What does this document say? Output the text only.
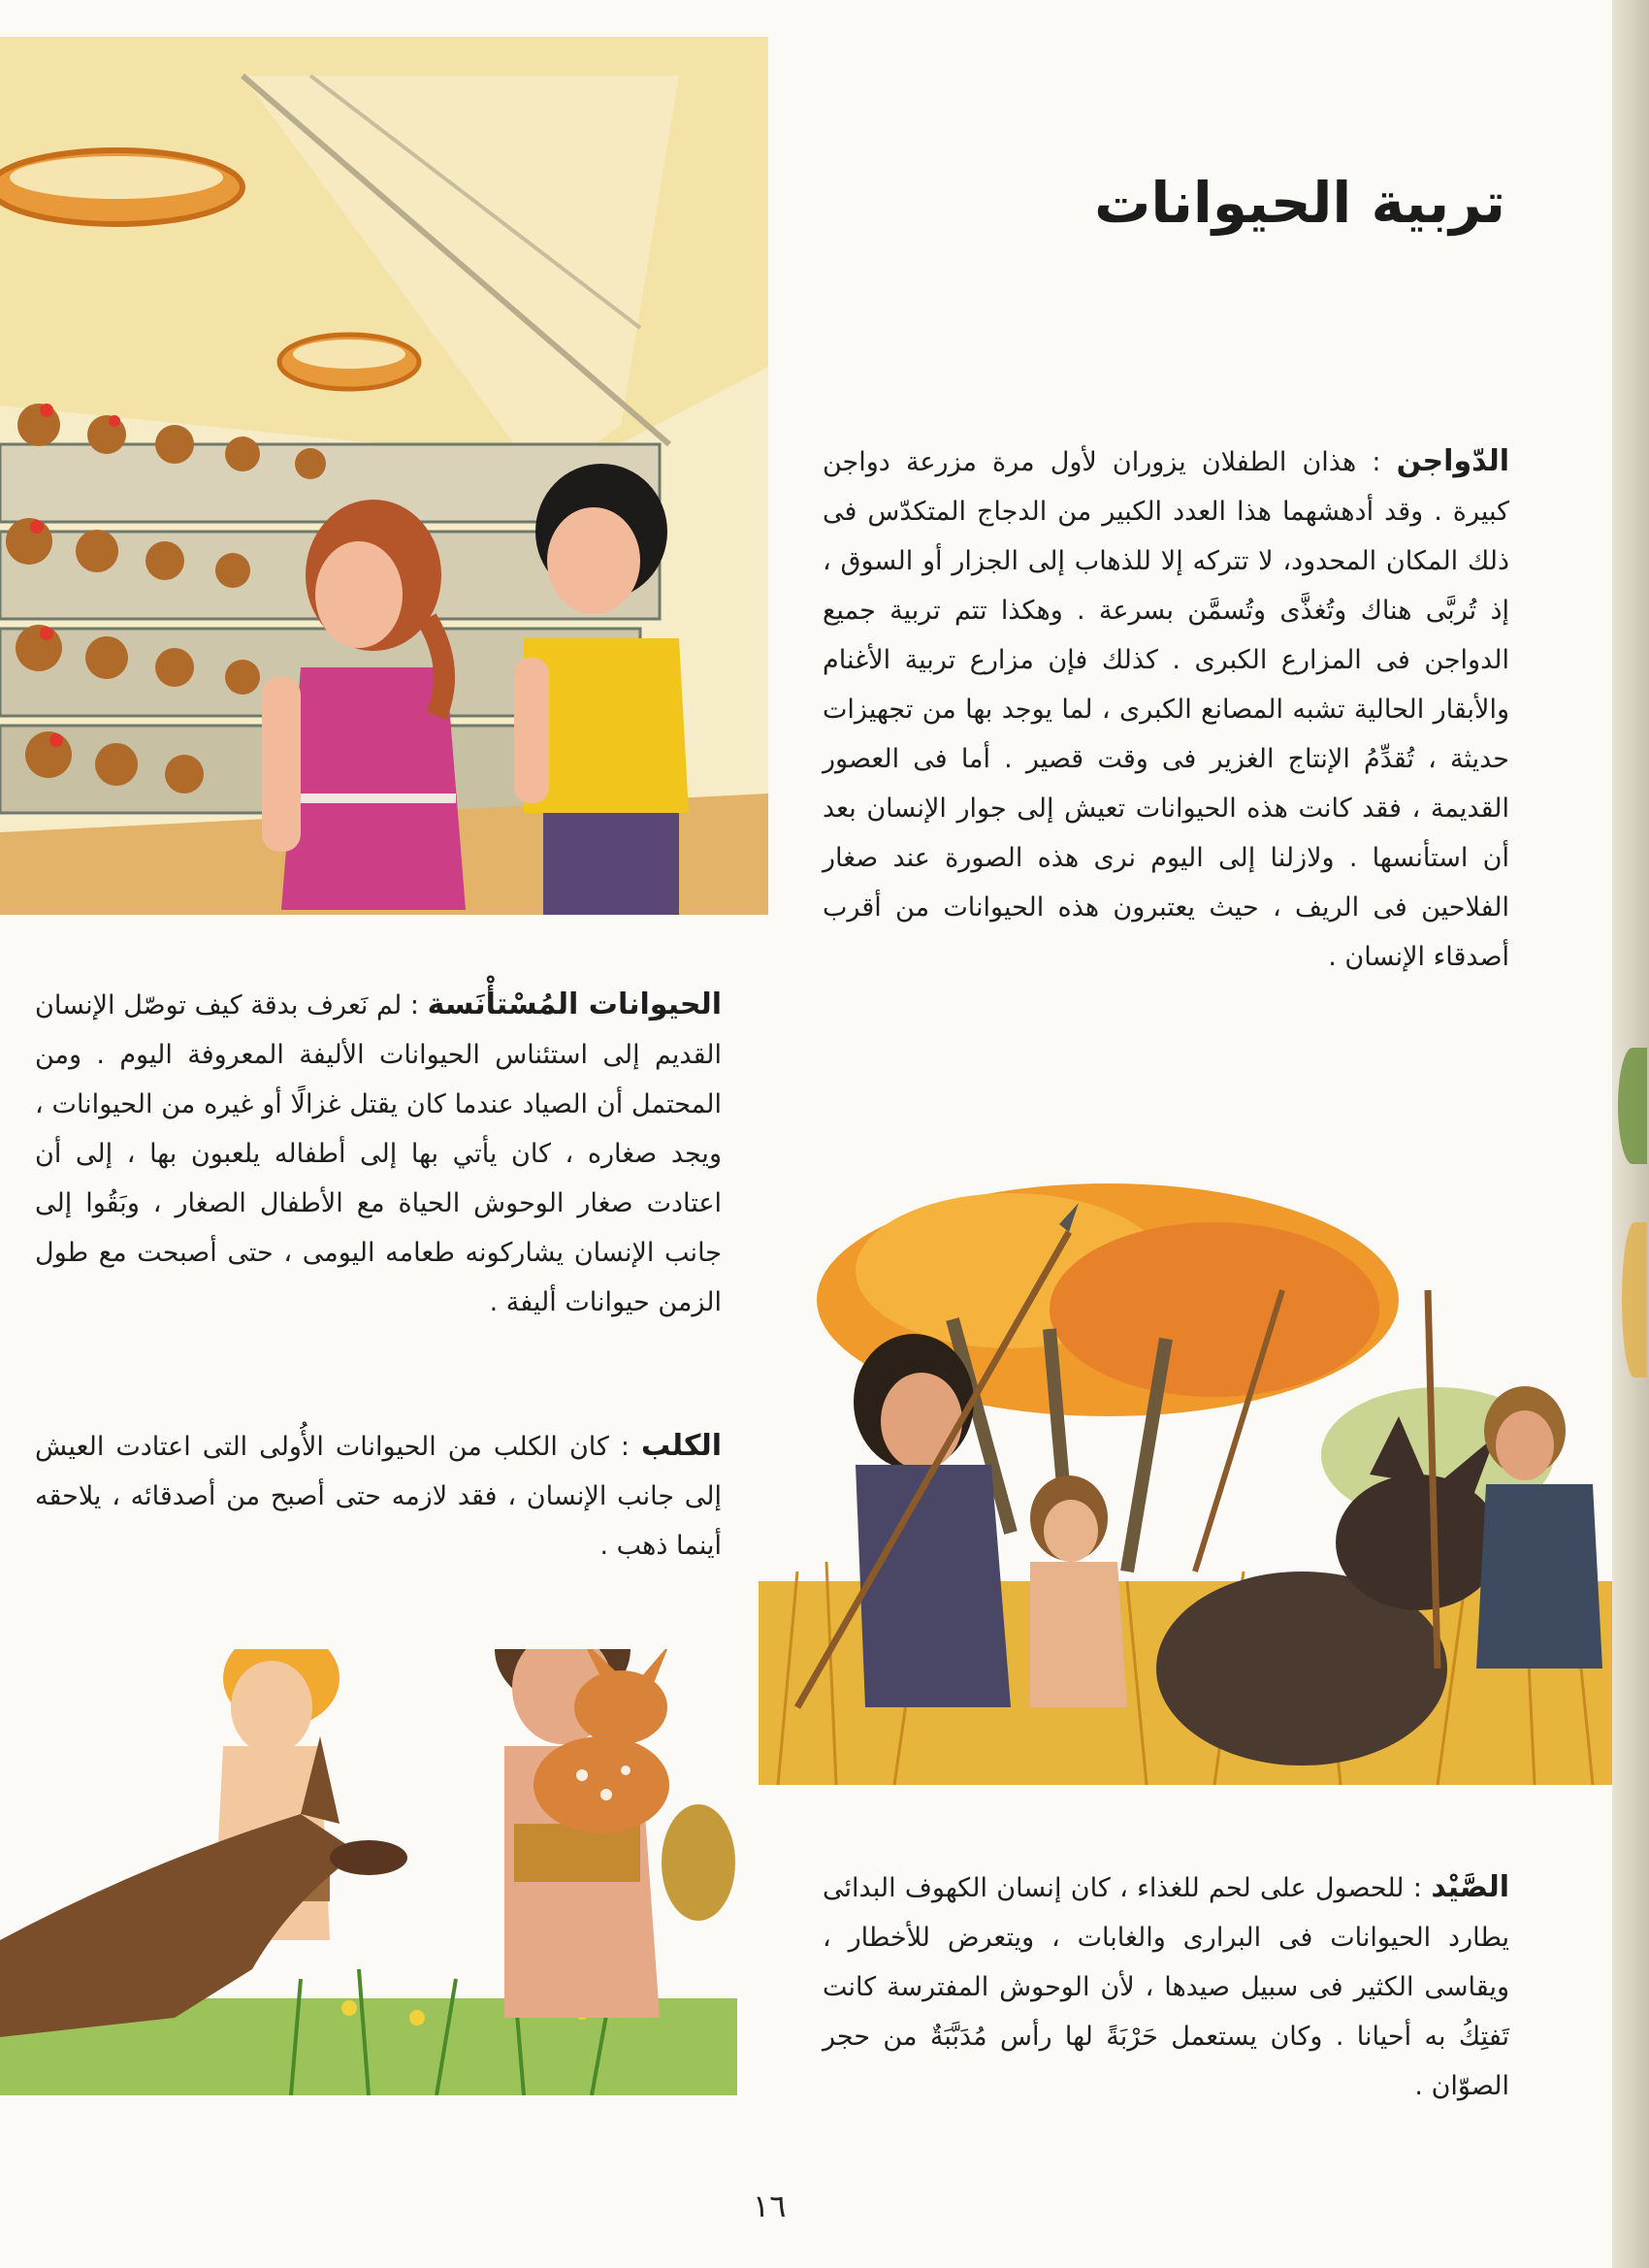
تربية الحيوانات
الدّواجن : هذان الطفلان يزوران لأول مرة مزرعة دواجن كبيرة . وقد أدهشهما هذا العدد الكبير من الدجاج المتكدّس فى ذلك المكان المحدود، لا تتركه إلا للذهاب إلى الجزار أو السوق ، إذ تُربَّى هناك وتُغذَّى وتُسمَّن بسرعة . وهكذا تتم تربية جميع الدواجن فى المزارع الكبرى . كذلك فإن مزارع تربية الأغنام والأبقار الحالية تشبه المصانع الكبرى ، لما يوجد بها من تجهيزات حديثة ، تُقدِّمُ الإنتاج الغزير فى وقت قصير . أما فى العصور القديمة ، فقد كانت هذه الحيوانات تعيش إلى جوار الإنسان بعد أن استأنسها . ولازلنا إلى اليوم نرى هذه الصورة عند صغار الفلاحين فى الريف ، حيث يعتبرون هذه الحيوانات من أقرب أصدقاء الإنسان .
الحيوانات المُسْتأْنَسة : لم نَعرف بدقة كيف توصّل الإنسان القديم إلى استئناس الحيوانات الأليفة المعروفة اليوم . ومن المحتمل أن الصياد عندما كان يقتل غزالًا أو غيره من الحيوانات ، ويجد صغاره ، كان يأتي بها إلى أطفاله يلعبون بها ، إلى أن اعتادت صغار الوحوش الحياة مع الأطفال الصغار ، وبَقُوا إلى جانب الإنسان يشاركونه طعامه اليومى ، حتى أصبحت مع طول الزمن حيوانات أليفة .
الكلب : كان الكلب من الحيوانات الأُولى التى اعتادت العيش إلى جانب الإنسان ، فقد لازمه حتى أصبح من أصدقائه ، يلاحقه أينما ذهب .
الصَّيْد : للحصول على لحم للغذاء ، كان إنسان الكهوف البدائى يطارد الحيوانات فى البرارى والغابات ، ويتعرض للأخطار ، ويقاسى الكثير فى سبيل صيدها ، لأن الوحوش المفترسة كانت تَفتِكُ به أحيانا . وكان يستعمل حَرْبَةً لها رأس مُدَبَّبَةٌ من حجر الصوّان .
١٦
